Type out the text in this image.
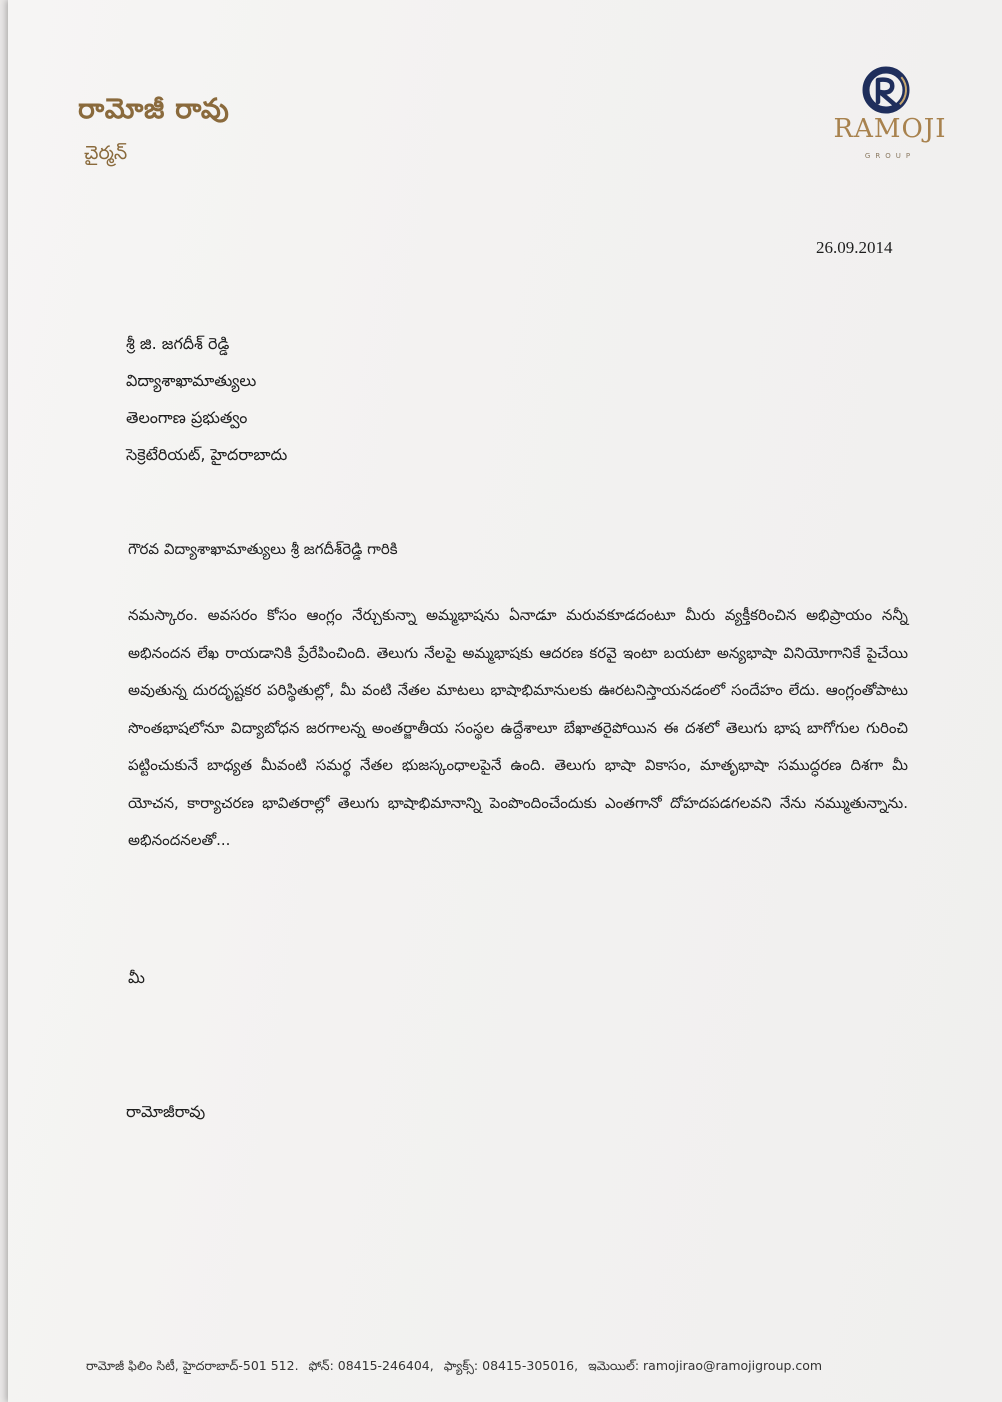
రామోజీ రావు
చైర్మన్
RAMOJI
GROUP
26.09.2014
శ్రీ జి. జగదీశ్ రెడ్డి
విద్యాశాఖామాత్యులు
తెలంగాణ ప్రభుత్వం
సెక్రెటేరియట్, హైదరాబాదు
గౌరవ విద్యాశాఖామాత్యులు శ్రీ జగదీశ్‌రెడ్డి గారికి
నమస్కారం. అవసరం కోసం ఆంగ్లం నేర్చుకున్నా అమ్మభాషను ఏనాడూ మరువకూడదంటూ మీరు వ్యక్తీకరించిన అభిప్రాయం నన్నీ అభినందన లేఖ రాయడానికి ప్రేరేపించింది. తెలుగు నేలపై అమ్మభాషకు ఆదరణ కరవై ఇంటా బయటా అన్యభాషా వినియోగానికే పైచేయి అవుతున్న దురదృష్టకర పరిస్థితుల్లో, మీ వంటి నేతల మాటలు భాషాభిమానులకు ఊరటనిస్తాయనడంలో సందేహం లేదు. ఆంగ్లంతోపాటు సొంతభాషలోనూ విద్యాబోధన జరగాలన్న అంతర్జాతీయ సంస్థల ఉద్దేశాలూ బేఖాతరైపోయిన ఈ దశలో తెలుగు భాష బాగోగుల గురించి పట్టించుకునే బాధ్యత మీవంటి సమర్థ నేతల భుజస్కంధాలపైనే ఉంది. తెలుగు భాషా వికాసం, మాతృభాషా సముద్ధరణ దిశగా మీ యోచన, కార్యాచరణ భావితరాల్లో తెలుగు భాషాభిమానాన్ని పెంపొందించేందుకు ఎంతగానో దోహదపడగలవని నేను నమ్ముతున్నాను. అభినందనలతో...
మీ
రామోజీరావు
రామోజీ ఫిలిం సిటీ, హైదరాబాద్-501 512. ఫోన్: 08415-246404, ఫ్యాక్స్: 08415-305016, ఇమెయిల్: ramojirao@ramojigroup.com
